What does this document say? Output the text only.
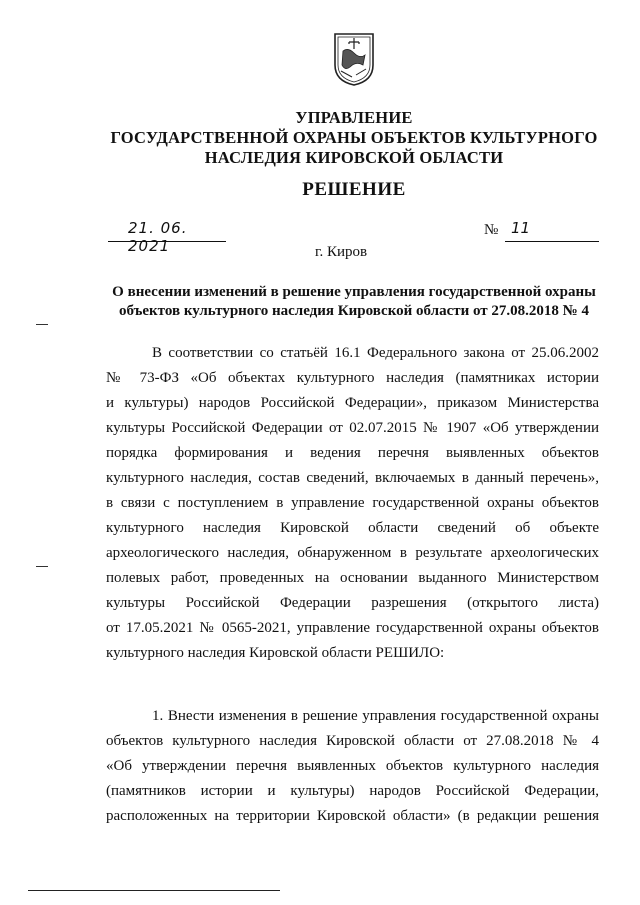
УПРАВЛЕНИЕ
ГОСУДАРСТВЕННОЙ ОХРАНЫ ОБЪЕКТОВ КУЛЬТУРНОГО
НАСЛЕДИЯ КИРОВСКОЙ ОБЛАСТИ
РЕШЕНИЕ
21. 06. 2021
№ 11
г. Киров
О внесении изменений в решение управления государственной охраны
объектов культурного наследия Кировской области от 27.08.2018 № 4
В соответствии со статьёй 16.1 Федерального закона от 25.06.2002
№ 73-ФЗ «Об объектах культурного наследия (памятниках истории
и культуры) народов Российской Федерации», приказом Министерства
культуры Российской Федерации от 02.07.2015 № 1907 «Об утверждении
порядка формирования и ведения перечня выявленных объектов
культурного наследия, состав сведений, включаемых в данный перечень»,
в связи с поступлением в управление государственной охраны объектов
культурного наследия Кировской области сведений об объекте
археологического наследия, обнаруженном в результате археологических
полевых работ, проведенных на основании выданного Министерством
культуры Российской Федерации разрешения (открытого листа)
от 17.05.2021 № 0565-2021, управление государственной охраны объектов
культурного наследия Кировской области РЕШИЛО:
1. Внести изменения в решение управления государственной охраны
объектов культурного наследия Кировской области от 27.08.2018 № 4
«Об утверждении перечня выявленных объектов культурного наследия
(памятников истории и культуры) народов Российской Федерации,
расположенных на территории Кировской области» (в редакции решения
